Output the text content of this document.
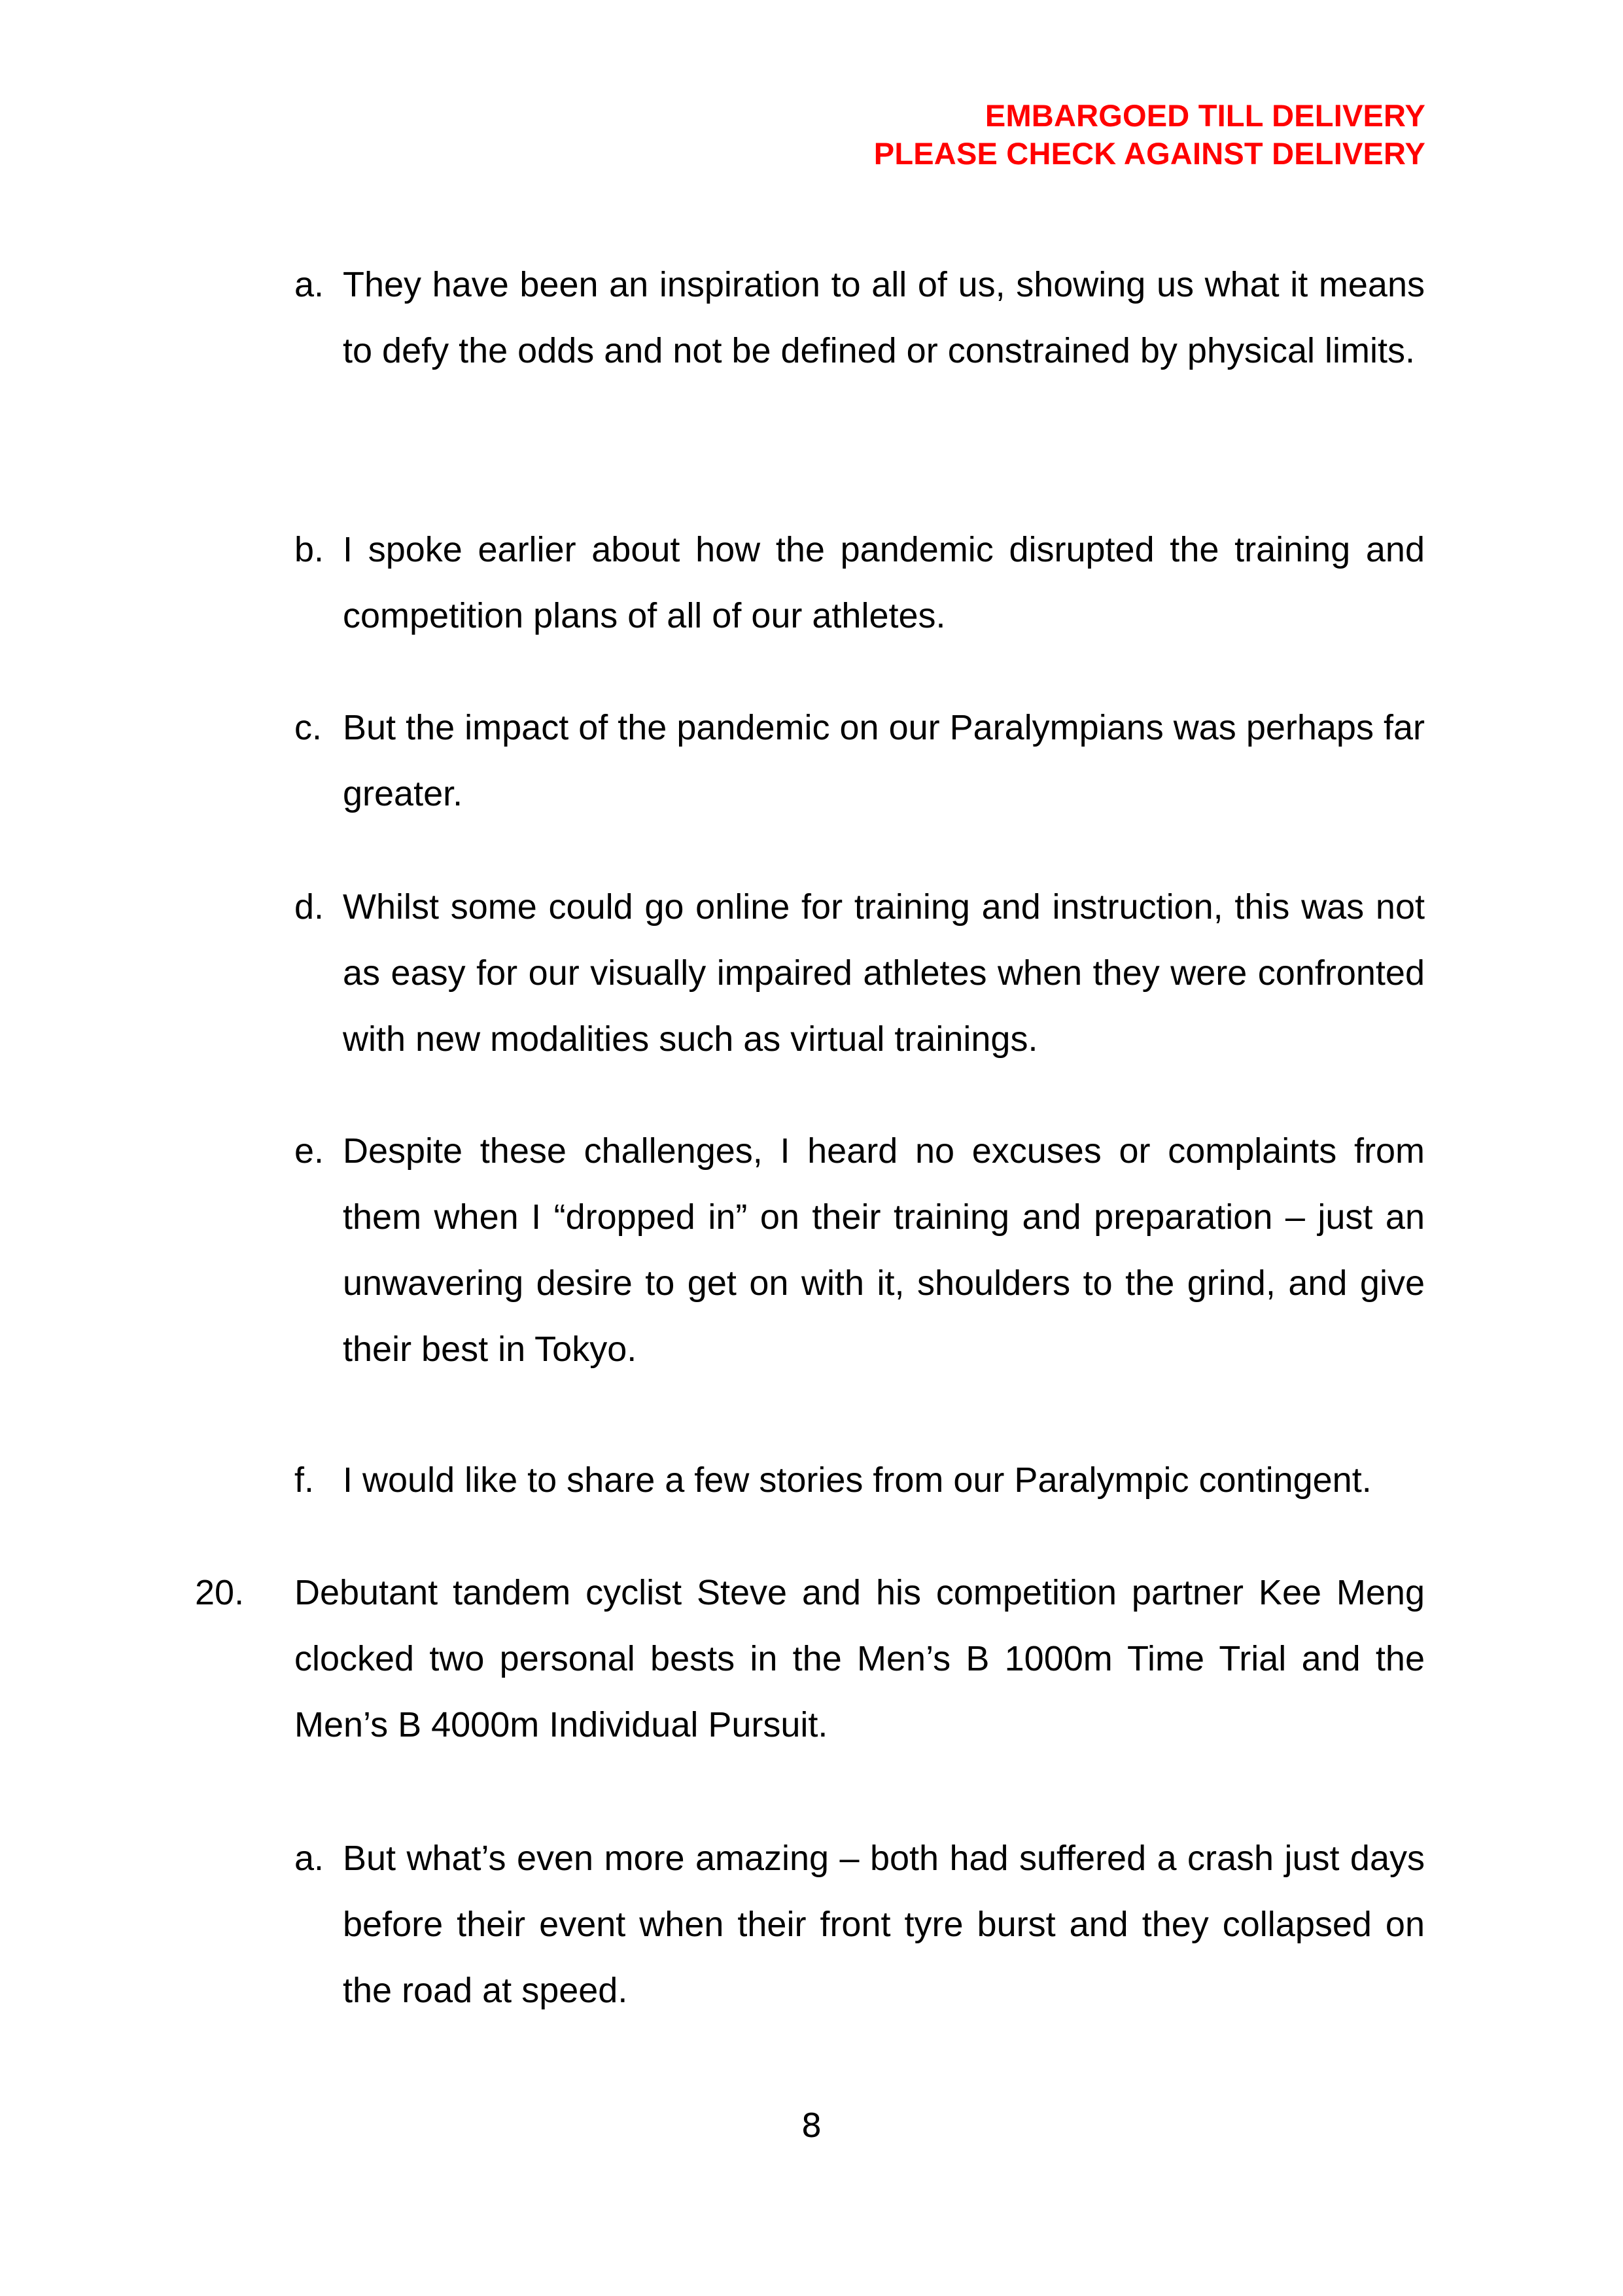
EMBARGOED TILL DELIVERY
PLEASE CHECK AGAINST DELIVERY
a. They have been an inspiration to all of us, showing us what it means to defy the odds and not be defined or constrained by physical limits.
b. I spoke earlier about how the pandemic disrupted the training and competition plans of all of our athletes.
c. But the impact of the pandemic on our Paralympians was perhaps far greater.
d. Whilst some could go online for training and instruction, this was not as easy for our visually impaired athletes when they were confronted with new modalities such as virtual trainings.
e. Despite these challenges, I heard no excuses or complaints from them when I “dropped in” on their training and preparation – just an unwavering desire to get on with it, shoulders to the grind, and give their best in Tokyo.
f. I would like to share a few stories from our Paralympic contingent.
20. Debutant tandem cyclist Steve and his competition partner Kee Meng clocked two personal bests in the Men’s B 1000m Time Trial and the Men’s B 4000m Individual Pursuit.
a. But what’s even more amazing – both had suffered a crash just days before their event when their front tyre burst and they collapsed on the road at speed.
8
